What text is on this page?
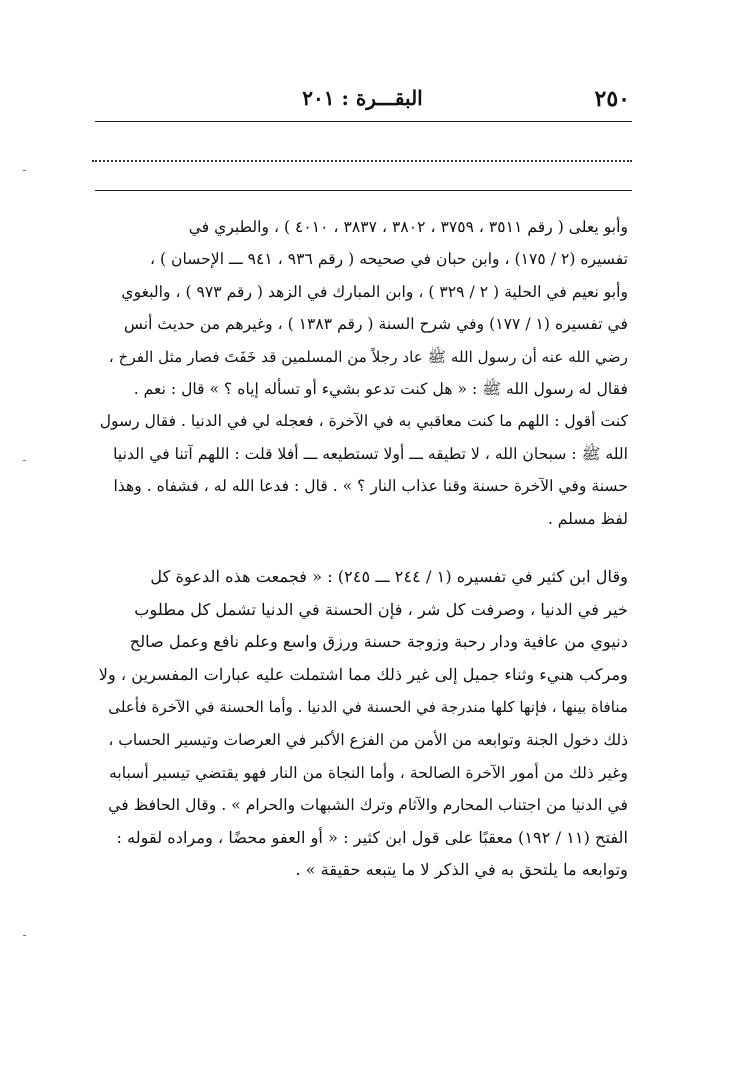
٢٥٠
البقـــرة : ٢٠١
وأبو يعلى ( رقم ٣٥١١ ، ٣٧٥٩ ، ٣٨٠٢ ، ٣٨٣٧ ، ٤٠١٠ ) ، والطبري في
تفسيره (٢ / ١٧٥) ، وابن حبان في صحيحه ( رقم ٩٣٦ ، ٩٤١ ـــ الإحسان ) ،
وأبو نعيم في الحلية ( ٢ / ٣٢٩ ) ، وابن المبارك في الزهد ( رقم ٩٧٣ ) ، والبغوي
في تفسيره (١ / ١٧٧) وفي شرح السنة ( رقم ١٣٨٣ ) ، وغيرهم من حديث أنس
رضي الله عنه أن رسول الله ﷺ عاد رجلاً من المسلمين قد خَفَتَ فصار مثل الفرخ ،
فقال له رسول الله ﷺ : « هل كنت تدعو بشيء أو تسأله إياه ؟ » قال : نعم .
كنت أقول : اللهم ما كنت معاقبي به في الآخرة ، فعجله لي في الدنيا . فقال رسول
الله ﷺ : سبحان الله ، لا تطيقه ـــ أولا تستطيعه ـــ أفلا قلت : اللهم آتنا في الدنيا
حسنة وفي الآخرة حسنة وقنا عذاب النار ؟ » . قال : فدعا الله له ، فشفاه . وهذا
لفظ مسلم .
وقال ابن كثير في تفسيره (١ / ٢٤٤ ـــ ٢٤٥) : « فجمعت هذه الدعوة كل
خير في الدنيا ، وصرفت كل شر ، فإن الحسنة في الدنيا تشمل كل مطلوب
دنيوي من عافية ودار رحبة وزوجة حسنة ورزق واسع وعلم نافع وعمل صالح
ومركب هنيء وثناء جميل إلى غير ذلك مما اشتملت عليه عبارات المفسرين ، ولا
منافاة بينها ، فإنها كلها مندرجة في الحسنة في الدنيا . وأما الحسنة في الآخرة فأعلى
ذلك دخول الجنة وتوابعه من الأمن من الفزع الأكبر في العرصات وتيسير الحساب ،
وغير ذلك من أمور الآخرة الصالحة ، وأما النجاة من النار فهو يقتضي تيسير أسبابه
في الدنيا من اجتناب المحارم والآثام وترك الشبهات والحرام » . وقال الحافظ في
الفتح (١١ / ١٩٢) معقبًا على قول ابن كثير : « أو العفو محضًا ، ومراده لقوله :
وتوابعه ما يلتحق به في الذكر لا ما يتبعه حقيقة » .
